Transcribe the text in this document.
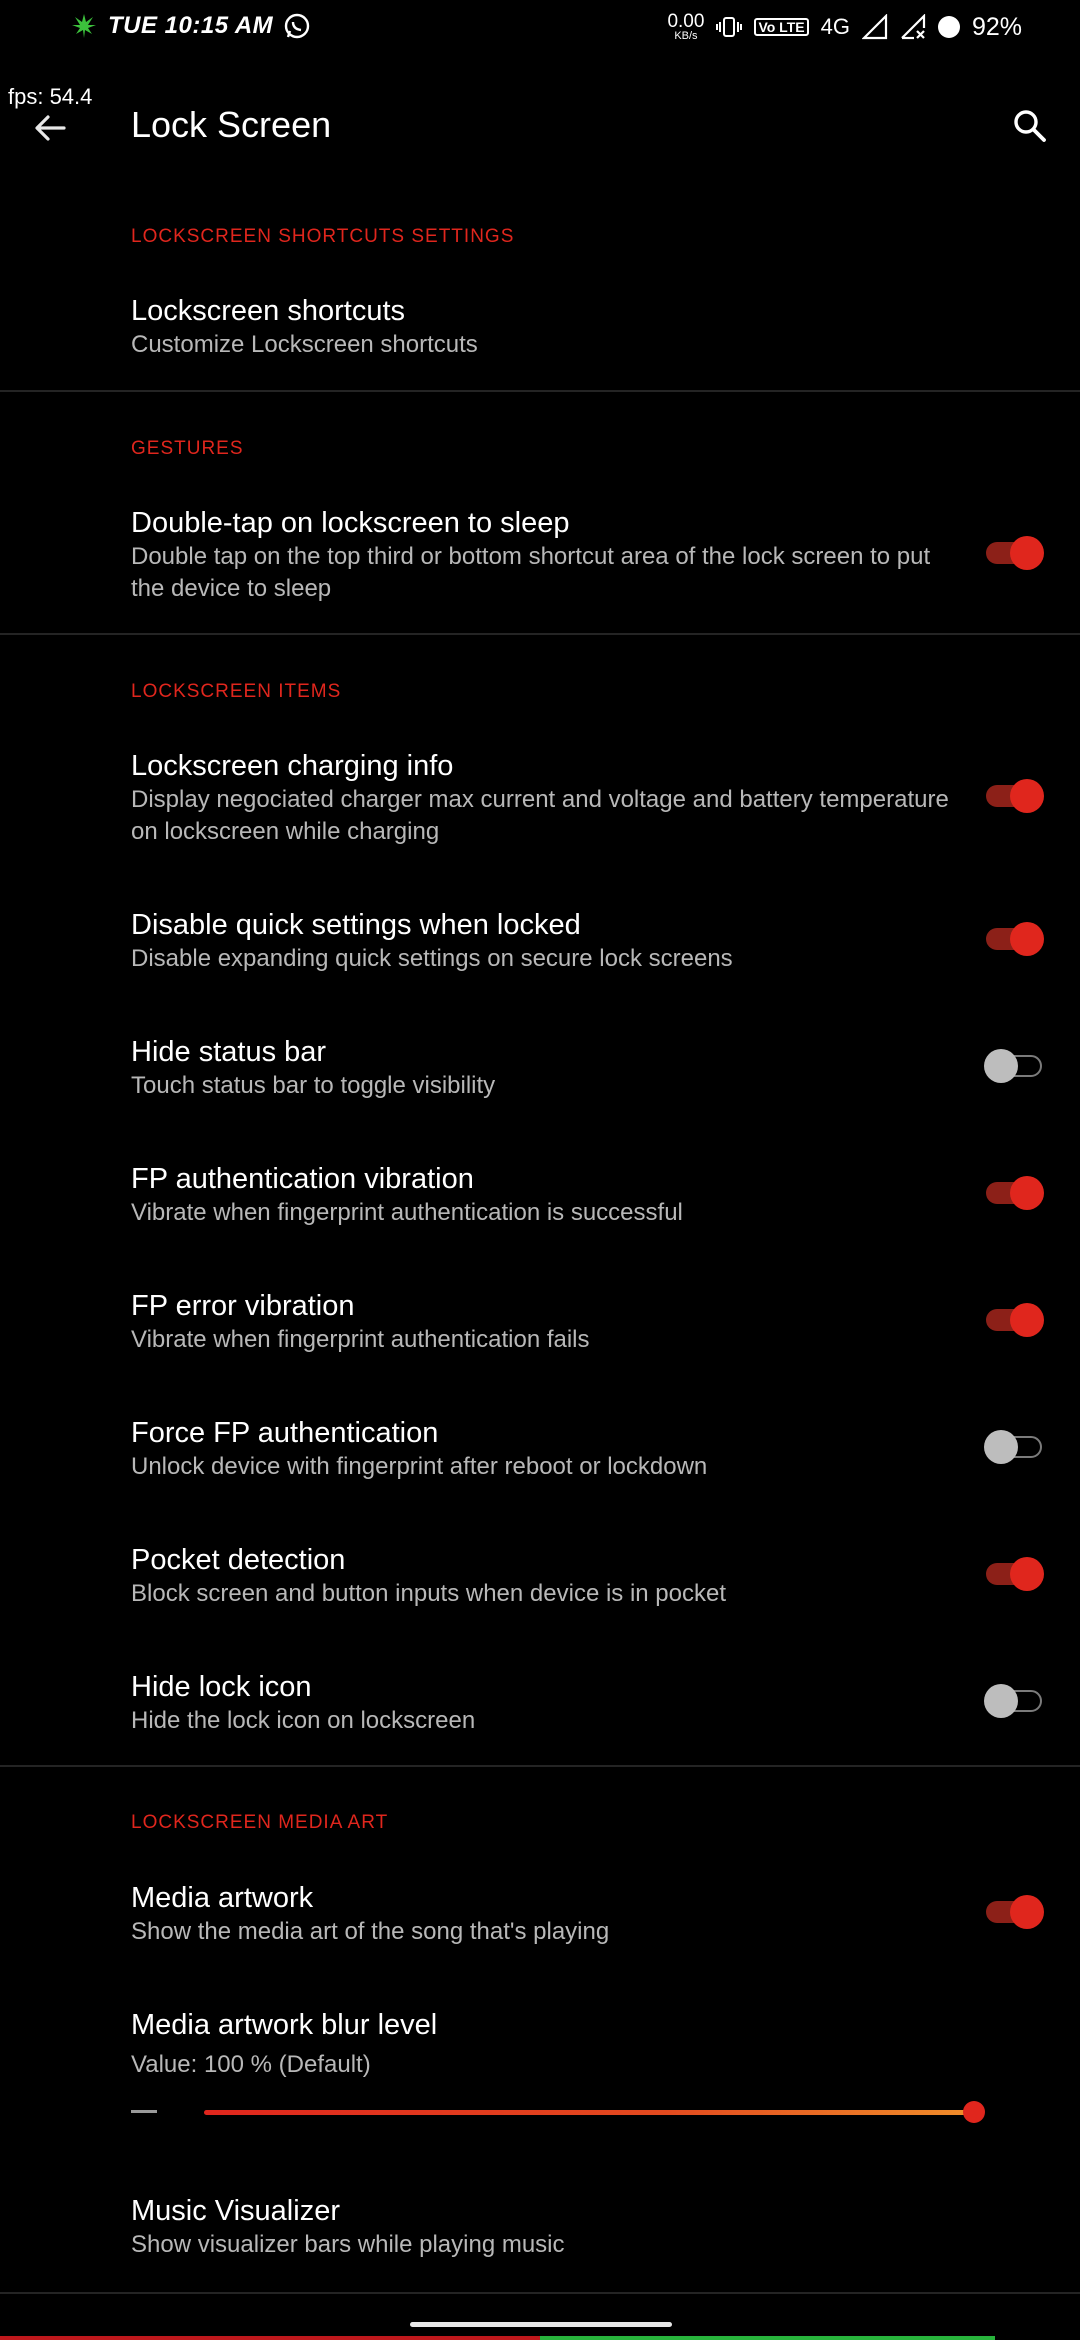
TUE 10:15 AM	0.00
KB/s
Vo LTE 4G	92%
fps: 54.4
Lock Screen
LOCKSCREEN SHORTCUTS SETTINGS
Lockscreen shortcuts
Customize Lockscreen shortcuts
GESTURES
Double-tap on lockscreen to sleep
Double tap on the top third or bottom shortcut area of the lock screen to put the device to sleep
LOCKSCREEN ITEMS
Lockscreen charging info
Display negociated charger max current and voltage and battery temperature on lockscreen while charging
Disable quick settings when locked
Disable expanding quick settings on secure lock screens
Hide status bar
Touch status bar to toggle visibility
FP authentication vibration
Vibrate when fingerprint authentication is successful
FP error vibration
Vibrate when fingerprint authentication fails
Force FP authentication
Unlock device with fingerprint after reboot or lockdown
Pocket detection
Block screen and button inputs when device is in pocket
Hide lock icon
Hide the lock icon on lockscreen
LOCKSCREEN MEDIA ART
Media artwork
Show the media art of the song that's playing
Media artwork blur level
Value: 100 % (Default)
Music Visualizer
Show visualizer bars while playing music
